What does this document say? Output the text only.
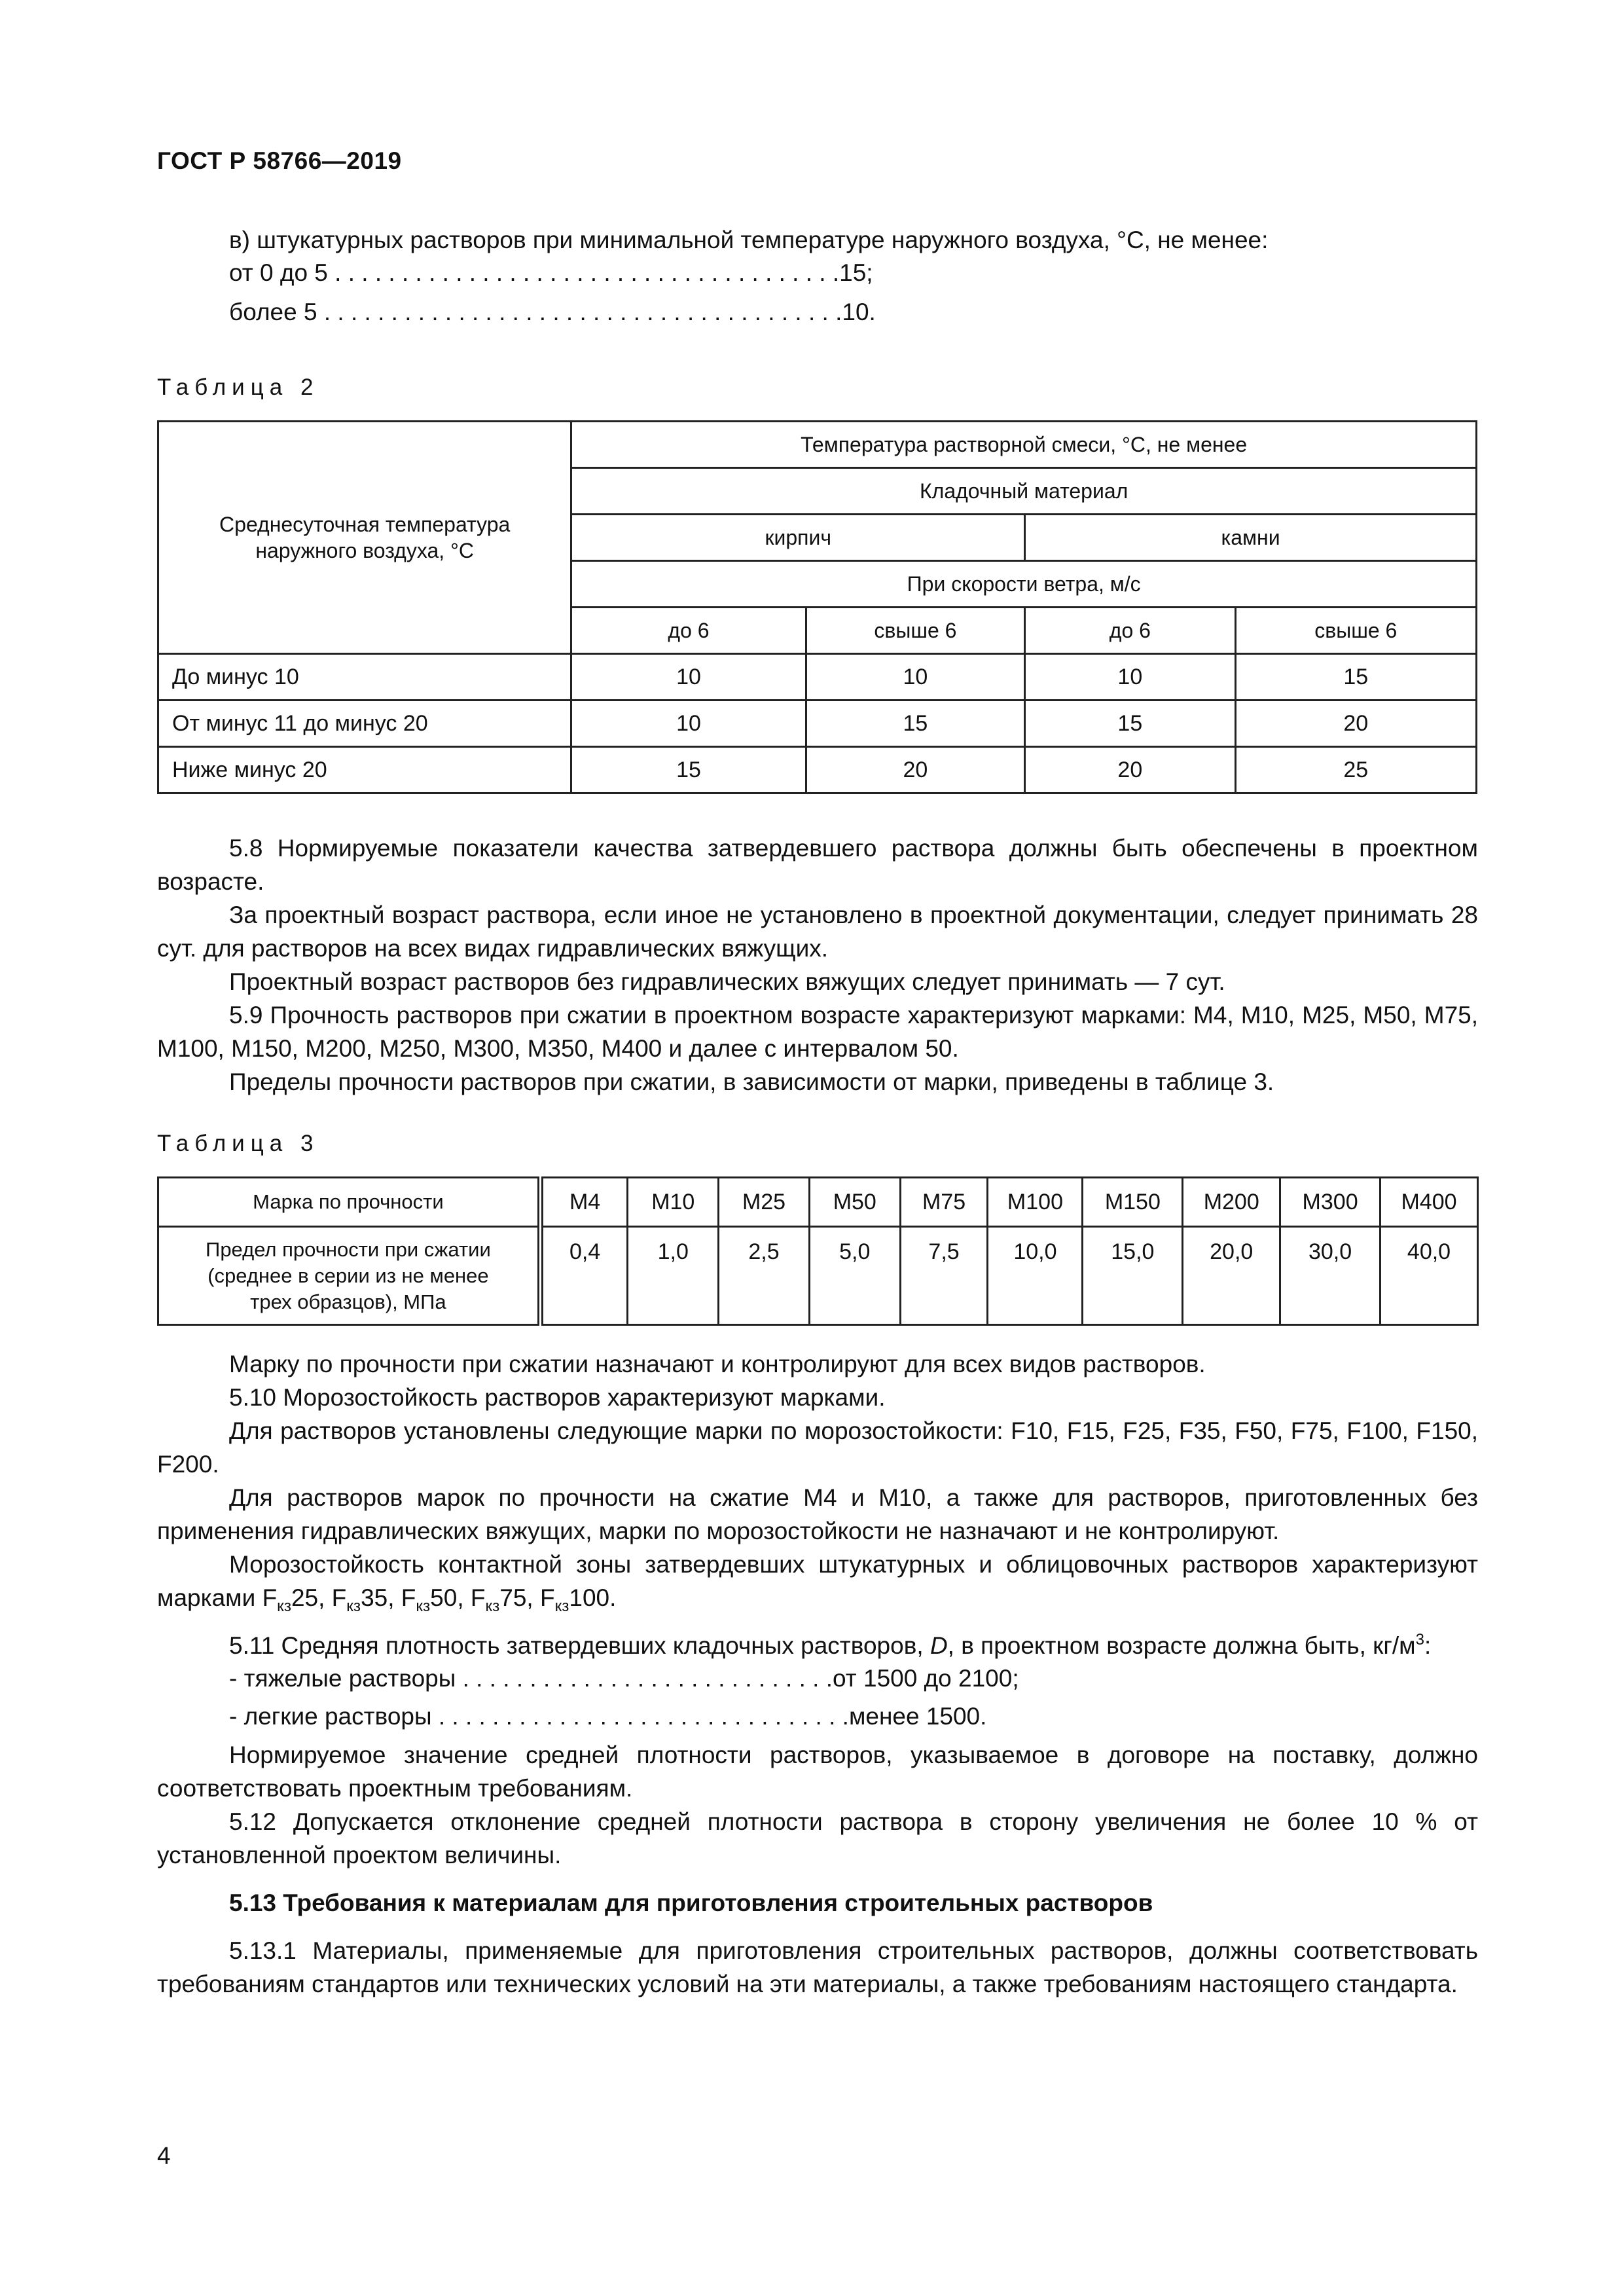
ГОСТ Р 58766—2019
в) штукатурных растворов при минимальной температуре наружного воздуха, °С, не менее:
от 0 до 5 . . . . . . . . . . . . . . . . . . . . . . . . . . . . . . . . . . . . . .15;
более 5 . . . . . . . . . . . . . . . . . . . . . . . . . . . . . . . . . . . . . . .10.
Таблица 2
Среднесуточная температура наружного воздуха, °С	Температура растворной смеси, °С, не менее			
	Кладочный материал			
	кирпич		камни	
	При скорости ветра, м/с			
	до 6	свыше 6	до 6	свыше 6
До минус 10	10	10	10	15
От минус 11 до минус 20	10	15	15	20
Ниже минус 20	15	20	20	25
5.8 Нормируемые показатели качества затвердевшего раствора должны быть обеспечены в проектном возрасте.
За проектный возраст раствора, если иное не установлено в проектной документации, следует принимать 28 сут. для растворов на всех видах гидравлических вяжущих.
Проектный возраст растворов без гидравлических вяжущих следует принимать — 7 сут.
5.9 Прочность растворов при сжатии в проектном возрасте характеризуют марками: М4, М10, М25, М50, М75, М100, М150, М200, М250, М300, М350, М400 и далее с интервалом 50.
Пределы прочности растворов при сжатии, в зависимости от марки, приведены в таблице 3.
Таблица 3
Марка по прочности	М4	М10	М25	М50	М75	М100	М150	М200	М300	М400
Предел прочности при сжатии (среднее в серии из не менее трех образцов), МПа	0,4	1,0	2,5	5,0	7,5	10,0	15,0	20,0	30,0	40,0
Марку по прочности при сжатии назначают и контролируют для всех видов растворов.
5.10 Морозостойкость растворов характеризуют марками.
Для растворов установлены следующие марки по морозостойкости: F10, F15, F25, F35, F50, F75, F100, F150, F200.
Для растворов марок по прочности на сжатие М4 и М10, а также для растворов, приготовленных без применения гидравлических вяжущих, марки по морозостойкости не назначают и не контролируют.
Морозостойкость контактной зоны затвердевших штукатурных и облицовочных растворов характеризуют марками $F_{кз}25$, $F_{кз}35$, $F_{кз}50$, $F_{кз}75$, $F_{кз}100$.
5.11 Средняя плотность затвердевших кладочных растворов, D, в проектном возрасте должна быть, $кг/м^3$:
- тяжелые растворы . . . . . . . . . . . . . . . . . . . . . . . . . . . .от 1500 до 2100;
- легкие растворы . . . . . . . . . . . . . . . . . . . . . . . . . . . . . . .менее 1500.
Нормируемое значение средней плотности растворов, указываемое в договоре на поставку, должно соответствовать проектным требованиям.
5.12 Допускается отклонение средней плотности раствора в сторону увеличения не более 10 % от установленной проектом величины.
5.13 Требования к материалам для приготовления строительных растворов
5.13.1 Материалы, применяемые для приготовления строительных растворов, должны соответствовать требованиям стандартов или технических условий на эти материалы, а также требованиям настоящего стандарта.
4
